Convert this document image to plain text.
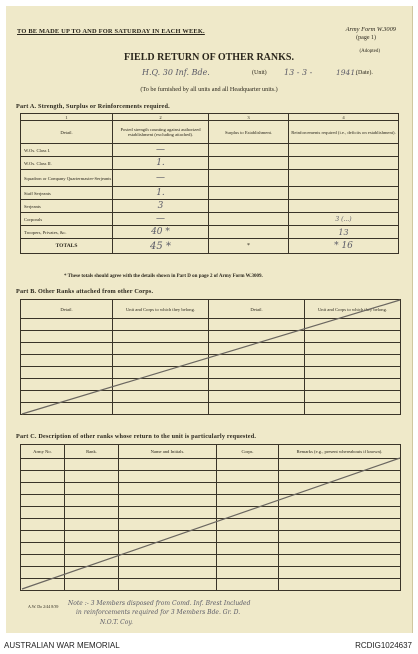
TO BE MADE UP TO AND FOR SATURDAY IN EACH WEEK.	Army Form W.3009
(page 1)
(Adopted)
FIELD RETURN OF OTHER RANKS.
H.Q. 30 Inf. Bde.	(Unit) 13 - 3 -	1941.
(Date).
(To be furnished by all units and all Headquarter units.)
Part A. Strength, Surplus or Reinforcements required.
1	2	3	4
Detail.	Posted strength counting against authorized establishment (excluding attached).	Surplus to Establishment.	Reinforcements required (i.e., deficits on establishment).
W.Os. Class I.	—		
W.Os. Class II.	1.		
Squadron or Company Quartermaster-Serjeants	—		
Staff Serjeants	1.		
Serjeants	3		
Corporals	—		3 (...)
Troopers, Privates, &c.	40 *		13
TOTALS	45 *	*	* 16
* These totals should agree with the details shown in Part D on page 2 of Army Form W.3009.
Part B. Other Ranks attached from other Corps.
Detail.	Unit and Corps to which they belong.	Detail.	Unit and Corps to which they belong.

Part C. Description of other ranks whose return to the unit is particularly requested.
Army No.	Rank.	Name and Initials.	Corps.	Remarks (e.g., present whereabouts if known).

A.W. Do 2/44 8/39 Note :- 3 Members disposed from Comd. Inf. Brest Included
in reinforcements required for 3 Members Bde. Gr. D.
N.O.T. Coy.
AUSTRALIAN WAR MEMORIAL	RCDIG1024637
